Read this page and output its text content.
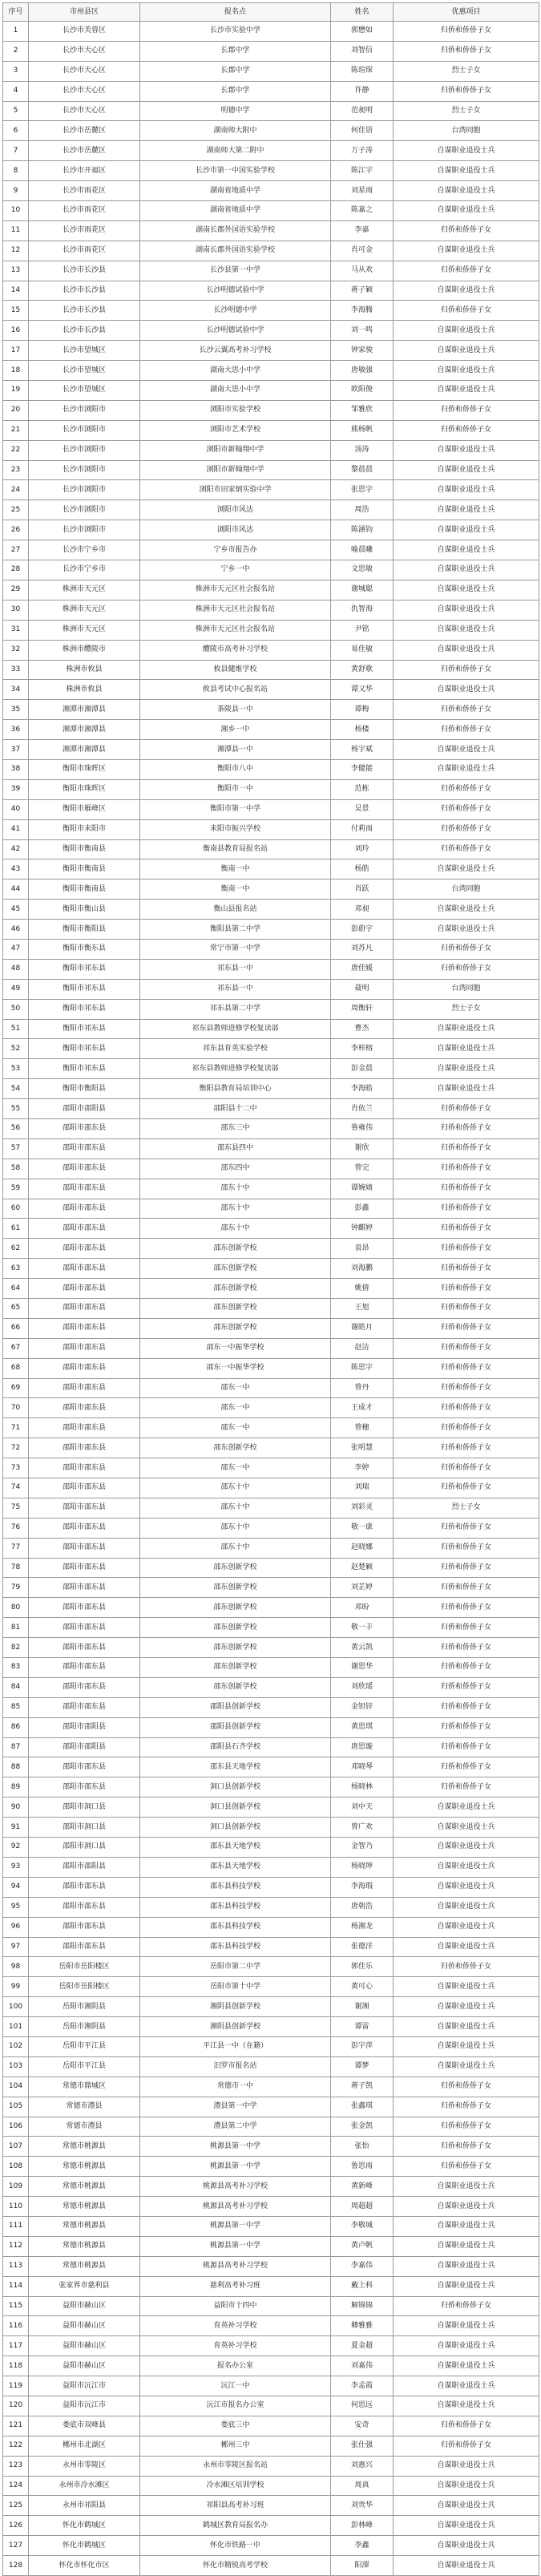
序号	市州县区	报名点	姓名	优惠项目
1	长沙市芙蓉区	长沙市实验中学	郭懋如	归侨和侨侨子女
2	长沙市天心区	长郡中学	刘智信	归侨和侨侨子女
3	长沙市天心区	长郡中学	陈瑄琛	烈士子女
4	长沙市天心区	长郡中学	许静	归侨和侨侨子女
5	长沙市天心区	明德中学	范昶明	烈士子女
6	长沙市岳麓区	湖南师大附中	何佳语	台湾同胞
7	长沙市岳麓区	湖南师大第二附中	万子涛	自谋职业退役士兵
8	长沙市开福区	长沙市第一中国实验学校	陈江宇	自谋职业退役士兵
9	长沙市雨花区	湖南省地质中学	刘星雨	自谋职业退役士兵
10	长沙市雨花区	湖南省地质中学	陈嘉之	自谋职业退役士兵
11	长沙市雨花区	湖南长郡外国语实验学校	李嘉	归侨和侨侨子女
12	长沙市雨花区	湖南长郡外国语实验学校	肖可金	自谋职业退役士兵
13	长沙市长沙县	长沙县第一中学	马从欢	归侨和侨侨子女
14	长沙市长沙县	长沙明德试验中学	蒋子颖	自谋职业退役士兵
15	长沙市长沙县	长沙明德中学	李海腾	归侨和侨侨子女
16	长沙市长沙县	长沙明德试验中学	刘一鸣	自谋职业退役士兵
17	长沙市望城区	长沙云翼高考补习学校	钟家骏	自谋职业退役士兵
18	长沙市望城区	湖南大思小中学	唐敏强	自谋职业退役士兵
19	长沙市望城区	湖南大思小中学	欧阳俊	自谋职业退役士兵
20	长沙市浏阳市	浏阳市实验学校	邹雅欣	归侨和侨侨子女
21	长沙市浏阳市	浏阳市艺术学校	熊杨帆	归侨和侨侨子女
22	长沙市浏阳市	浏阳市新翰翔中学	汤涛	自谋职业退役士兵
23	长沙市浏阳市	浏阳市新翰翔中学	黎晨晨	自谋职业退役士兵
24	长沙市浏阳市	浏阳市田家炳实验中学	张思宇	自谋职业退役士兵
25	长沙市浏阳市	浏阳市风达	周浩	自谋职业退役士兵
26	长沙市浏阳市	浏阳市风达	陈涵钧	自谋职业退役士兵
27	长沙市宁乡市	宁乡市报告办	喻晨曦	自谋职业退役士兵
28	长沙市宁乡市	宁乡一中	文思敏	自谋职业退役士兵
29	株洲市天元区	株洲市天元区社会报名站	谢城聪	自谋职业退役士兵
30	株洲市天元区	株洲市天元区社会报名站	仇智海	自谋职业退役士兵
31	株洲市天元区	株洲市天元区社会报名站	尹铭	自谋职业退役士兵
32	株洲市醴陵市	醴陵市高考补习学校	易佳敏	自谋职业退役士兵
33	株洲市攸县	攸县健维学校	黄舒歌	归侨和侨侨子女
34	株洲市攸县	攸县考试中心报名站	谭又华	自谋职业退役士兵
35	湘潭市湘潭县	茶陵县一中	谭梅	归侨和侨侨子女
36	湘潭市湘潭县	湘乡一中	杨楼	归侨和侨侨子女
37	湘潭市湘潭县	湘潭县一中	杨宇斌	自谋职业退役士兵
38	衡阳市珠晖区	衡阳市八中	李健能	自谋职业退役士兵
39	衡阳市珠晖区	衡阳市一中	范栋	归侨和侨侨子女
40	衡阳市雁峰区	衡阳市第一中学	吴景	归侨和侨侨子女
41	衡阳市耒阳市	耒阳市振兴学校	付莉雨	归侨和侨侨子女
42	衡阳市衡南县	衡南县教育局报名站	刘玲	归侨和侨侨子女
43	衡阳市衡南县	衡南一中	杨皓	自谋职业退役士兵
44	衡阳市衡南县	衡南一中	肖跃	台湾同胞
45	衡阳市衡山县	衡山县报名站	邓昶	自谋职业退役士兵
46	衡阳市衡阳县	衡阳县第二中学	彭蔚宇	自谋职业退役士兵
47	衡阳市衡东县	常宁市第一中学	刘苏凡	归侨和侨侨子女
48	衡阳市祁东县	祁东县一中	唐佳媛	归侨和侨侨子女
49	衡阳市祁东县	祁东县一中	聂明	台湾同胞
50	衡阳市祁东县	祁东县第二中学	周衡轩	烈士子女
51	衡阳市祁东县	祁东县教师进修学校复读部	曹杰	自谋职业退役士兵
52	衡阳市祁东县	祁东县育英实验学校	李梓榕	自谋职业退役士兵
53	衡阳市祁东县	祁东县教师进修学校复读部	彭金晨	自谋职业退役士兵
54	衡阳市衡阳县	衡阳县教育局培训中心	李海皓	自谋职业退役士兵
55	邵阳市邵阳县	邵阳县十二中	肖依兰	归侨和侨侨子女
56	邵阳市邵东县	邵东三中	鲁雍伟	归侨和侨侨子女
57	邵阳市邵东县	邵东县四中	谢欣	归侨和侨侨子女
58	邵阳市邵东县	邵东四中	曾完	归侨和侨侨子女
59	邵阳市邵东县	邵东十中	谭婉婧	归侨和侨侨子女
60	邵阳市邵东县	邵东十中	彭鑫	归侨和侨侨子女
61	邵阳市邵东县	邵东十中	钟麒婷	归侨和侨侨子女
62	邵阳市邵东县	邵东创新学校	袁昂	归侨和侨侨子女
63	邵阳市邵东县	邵东创新学校	刘海鹏	归侨和侨侨子女
64	邵阳市邵东县	邵东创新学校	姚倩	归侨和侨侨子女
65	邵阳市邵东县	邵东创新学校	王旭	归侨和侨侨子女
66	邵阳市邵东县	邵东创新学校	谢皓月	归侨和侨侨子女
67	邵阳市邵东县	邵东一中振华学校	赵洁	归侨和侨侨子女
68	邵阳市邵东县	邵东一中振华学校	陈思宇	归侨和侨侨子女
69	邵阳市邵东县	邵东一中	曾丹	归侨和侨侨子女
70	邵阳市邵东县	邵东一中	王成才	归侨和侨侨子女
71	邵阳市邵东县	邵东一中	曾穗	归侨和侨侨子女
72	邵阳市邵东县	邵东创新学校	张明慧	归侨和侨侨子女
73	邵阳市邵东县	邵东一中	李婷	归侨和侨侨子女
74	邵阳市邵东县	邵东十中	刘瑞	归侨和侨侨子女
75	邵阳市邵东县	邵东十中	刘彩灵	烈士子女
76	邵阳市邵东县	邵东十中	敬一康	归侨和侨侨子女
77	邵阳市邵东县	邵东十中	赵晓娜	归侨和侨侨子女
78	邵阳市邵东县	邵东创新学校	赵楚颖	归侨和侨侨子女
79	邵阳市邵东县	邵东创新学校	刘芷婷	归侨和侨侨子女
80	邵阳市邵东县	邵东创新学校	邓盼	归侨和侨侨子女
81	邵阳市邵东县	邵东创新学校	敬一丰	归侨和侨侨子女
82	邵阳市邵东县	邵东创新学校	黄云凯	归侨和侨侨子女
83	邵阳市邵东县	邵东创新学校	谢思华	归侨和侨侨子女
84	邵阳市邵东县	邵东创新学校	刘欣瑶	归侨和侨侨子女
85	邵阳市邵东县	邵阳县创新学校	金钽锌	归侨和侨侨子女
86	邵阳市邵阳县	邵阳县创新学校	黄思琪	归侨和侨侨子女
87	邵阳市邵阳县	邵阳县石齐学校	唐思璇	归侨和侨侨子女
88	邵阳市邵东县	邵东县天地学校	邓晓琴	归侨和侨侨子女
89	邵阳市邵东县	洞口县创新学校	杨晓林	归侨和侨侨子女
90	邵阳市洞口县	洞口县创新学校	刘中天	自谋职业退役士兵
91	邵阳市洞口县	洞口县创新学校	曾广欢	自谋职业退役士兵
92	邵阳市洞口县	邵东县天地学校	金智乃	自谋职业退役士兵
93	邵阳市邵阳县	邵东县天地学校	杨晓坤	自谋职业退役士兵
94	邵阳市邵东县	邵东县科技学校	李海瑕	自谋职业退役士兵
95	邵阳市邵东县	邵东县科技学校	唐朝浩	自谋职业退役士兵
96	邵阳市邵东县	邵东县科技学校	杨湘龙	自谋职业退役士兵
97	邵阳市邵东县	邵东县科技学校	张德洋	自谋职业退役士兵
98	岳阳市岳阳楼区	岳阳市第二中学	郭佳乐	归侨和侨侨子女
99	岳阳市岳阳楼区	岳阳市第十中学	黄可心	自谋职业退役士兵
100	岳阳市湘阴县	湘阴县创新学校	谢湘	自谋职业退役士兵
101	岳阳市湘阴县	湘阴县创新学校	谭雷	自谋职业退役士兵
102	岳阳市平江县	平江县一中（在籍）	彭宇萍	自谋职业退役士兵
103	岳阳市平江县	汨罗市报名站	谭梦	自谋职业退役士兵
104	常德市鼎城区	常德市一中	蒋子凯	归侨和侨侨子女
105	常德市澧县	澧县第一中学	张鑫琪	归侨和侨侨子女
106	常德市澧县	澧县第二中学	张金凯	归侨和侨侨子女
107	常德市桃源县	桃源县第一中学	张怡	归侨和侨侨子女
108	常德市桃源县	桃源县第一中学	鲁思雨	归侨和侨侨子女
109	常德市桃源县	桃源县高考补习学校	黄新峰	自谋职业退役士兵
110	常德市桃源县	桃源县高考补习学校	周超超	自谋职业退役士兵
111	常德市桃源县	桃源县第一中学	李敬城	自谋职业退役士兵
112	常德市桃源县	桃源县第一中学	黄卢帆	自谋职业退役士兵
113	常德市桃源县	桃源县高考补习学校	李嘉伟	自谋职业退役士兵
114	张家界市慈利县	慈利高考补习班	戴上科	自谋职业退役士兵
115	益阳市赫山区	益阳市十四中	解锦锦	归侨和侨侨子女
116	益阳市赫山区	育英补习学校	卿雅雅	自谋职业退役士兵
117	益阳市赫山区	育英补习学校	夏金超	自谋职业退役士兵
118	益阳市赫山区	报名办公室	刘嘉伟	自谋职业退役士兵
119	益阳市沅江市	沅江一中	李孟霞	自谋职业退役士兵
120	益阳市沅江市	沅江市报名办公室	何思远	自谋职业退役士兵
121	娄底市双峰县	娄底三中	安奇	归侨和侨侨子女
122	郴州市北湖区	郴州三中	张仕强	归侨和侨侨子女
123	永州市零陵区	永州市零陵区报名站	刘惠兴	自谋职业退役士兵
124	永州市冷水滩区	冷水滩区培训学校	周真	自谋职业退役士兵
125	永州市祁阳县	祁阳县高考补习班	刘贵华	自谋职业退役士兵
126	怀化市鹤城区	鹤城区教育局报名办	彭林峰	自谋职业退役士兵
127	怀化市鹤城区	怀化市铁路一中	李鑫	自谋职业退役士兵
128	怀化市怀化市区	怀化市精锐高考学校	阳潭	自谋职业退役士兵
